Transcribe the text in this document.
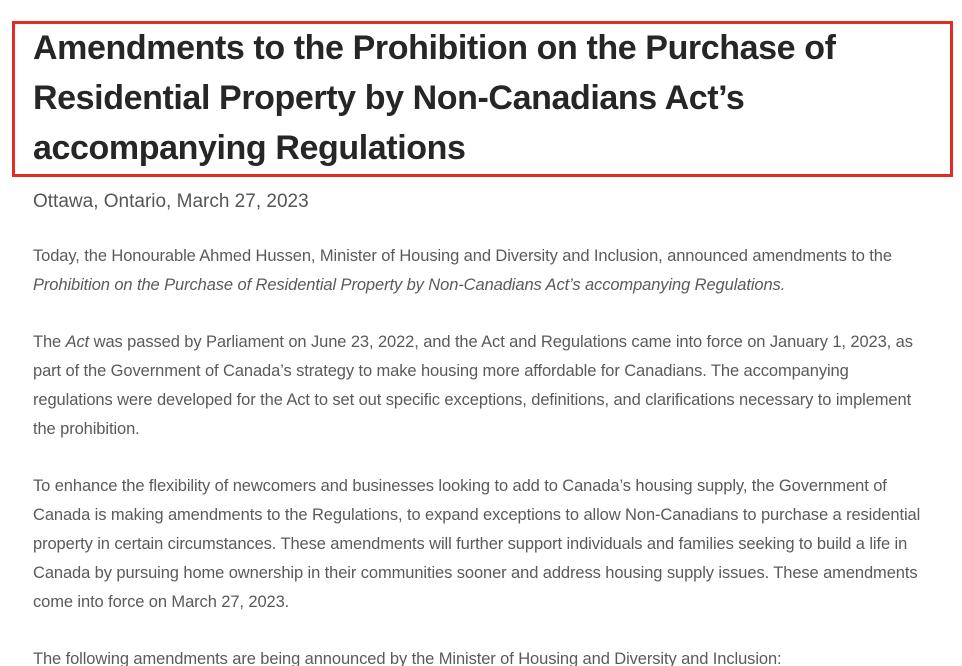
Amendments to the Prohibition on the Purchase of Residential Property by Non-Canadians Act’s accompanying Regulations

Ottawa, Ontario, March 27, 2023

Today, the Honourable Ahmed Hussen, Minister of Housing and Diversity and Inclusion, announced amendments to the Prohibition on the Purchase of Residential Property by Non-Canadians Act’s accompanying Regulations.

The Act was passed by Parliament on June 23, 2022, and the Act and Regulations came into force on January 1, 2023, as part of the Government of Canada’s strategy to make housing more affordable for Canadians. The accompanying regulations were developed for the Act to set out specific exceptions, definitions, and clarifications necessary to implement the prohibition.

To enhance the flexibility of newcomers and businesses looking to add to Canada’s housing supply, the Government of Canada is making amendments to the Regulations, to expand exceptions to allow Non-Canadians to purchase a residential property in certain circumstances. These amendments will further support individuals and families seeking to build a life in Canada by pursuing home ownership in their communities sooner and address housing supply issues. These amendments come into force on March 27, 2023.

The following amendments are being announced by the Minister of Housing and Diversity and Inclusion:
